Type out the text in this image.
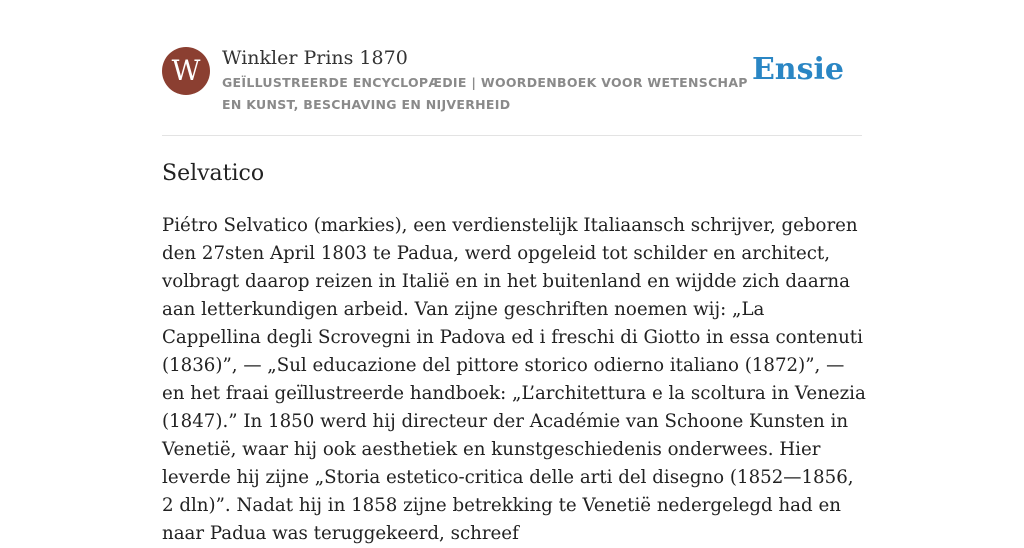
W	Winkler Prins 1870
GEÏLLUSTREERDE ENCYCLOPÆDIE | WOORDENBOEK VOOR WETENSCHAP EN KUNST, BESCHAVING EN NIJVERHEID
Ensie
Selvatico

Piétro Selvatico (markies), een verdienstelijk Italiaansch schrijver, geboren den 27sten April 1803 te Padua, werd opgeleid tot schilder en architect, volbragt daarop reizen in Italië en in het buitenland en wijdde zich daarna aan letterkundigen arbeid. Van zijne geschriften noemen wij: „La Cappellina degli Scrovegni in Padova ed i freschi di Giotto in essa contenuti (1836)”, — „Sul educazione del pittore storico odierno italiano (1872)”, — en het fraai geïllustreerde handboek: „L’architettura e la scoltura in Venezia (1847).” In 1850 werd hij directeur der Académie van Schoone Kunsten in Venetië, waar hij ook aesthetiek en kunstgeschiedenis onderwees. Hier leverde hij zijne „Storia estetico-critica delle arti del disegno (1852—1856, 2 dln)”. Nadat hij in 1858 zijne betrekking te Venetië nedergelegd had en naar Padua was teruggekeerd, schreef
